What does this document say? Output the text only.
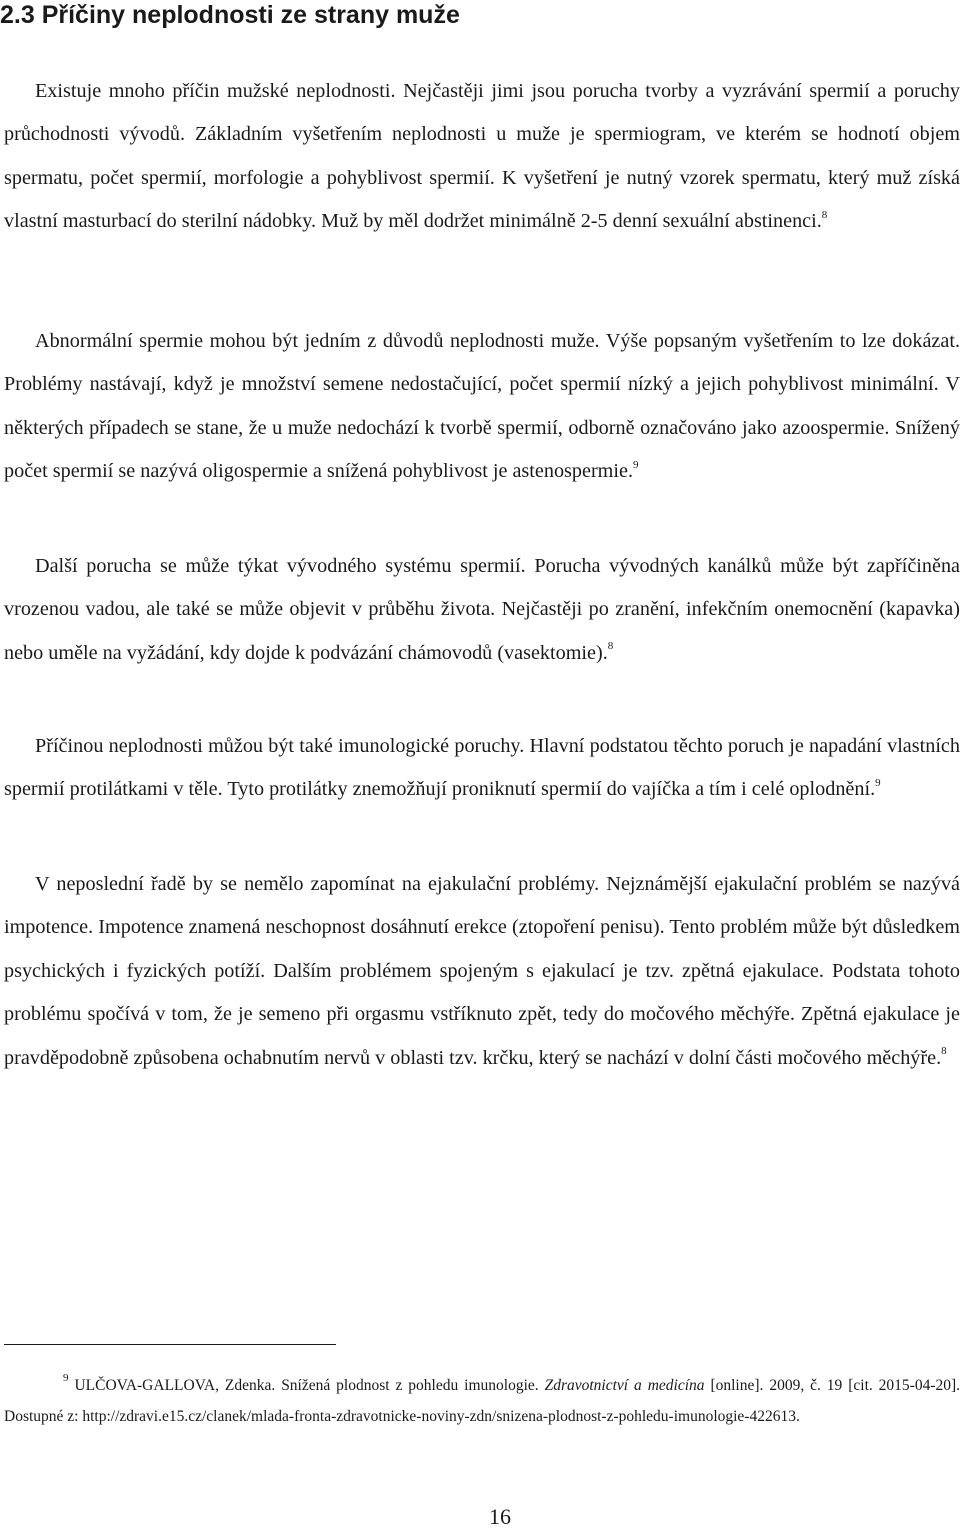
2.3 Příčiny neplodnosti ze strany muže

Existuje mnoho příčin mužské neplodnosti. Nejčastěji jimi jsou porucha tvorby a vyzrávání spermií a poruchy průchodnosti vývodů. Základním vyšetřením neplodnosti u muže je spermiogram, ve kterém se hodnotí objem spermatu, počet spermií, morfologie a pohyblivost spermií. K vyšetření je nutný vzorek spermatu, který muž získá vlastní masturbací do sterilní nádobky. Muž by měl dodržet minimálně 2-5 denní sexuální abstinenci.$^8$

Abnormální spermie mohou být jedním z důvodů neplodnosti muže. Výše popsaným vyšetřením to lze dokázat. Problémy nastávají, když je množství semene nedostačující, počet spermií nízký a jejich pohyblivost minimální. V některých případech se stane, že u muže nedochází k tvorbě spermií, odborně označováno jako azoospermie. Snížený počet spermií se nazývá oligospermie a snížená pohyblivost je astenospermie.$^9$

Další porucha se může týkat vývodného systému spermií. Porucha vývodných kanálků může být zapříčiněna vrozenou vadou, ale také se může objevit v průběhu života. Nejčastěji po zranění, infekčním onemocnění (kapavka) nebo uměle na vyžádání, kdy dojde k podvázání chámovodů (vasektomie).$^8$

Příčinou neplodnosti můžou být také imunologické poruchy. Hlavní podstatou těchto poruch je napadání vlastních spermií protilátkami v těle. Tyto protilátky znemožňují proniknutí spermií do vajíčka a tím i celé oplodnění.$^9$

V neposlední řadě by se nemělo zapomínat na ejakulační problémy. Nejznámější ejakulační problém se nazývá impotence. Impotence znamená neschopnost dosáhnutí erekce (ztopoření penisu). Tento problém může být důsledkem psychických i fyzických potíží. Dalším problémem spojeným s ejakulací je tzv. zpětná ejakulace. Podstata tohoto problému spočívá v tom, že je semeno při orgasmu vstříknuto zpět, tedy do močového měchýře. Zpětná ejakulace je pravděpodobně způsobena ochabnutím nervů v oblasti tzv. krčku, který se nachází v dolní části močového měchýře.$^8$

$^9$ ULČOVA-GALLOVA, Zdenka. Snížená plodnost z pohledu imunologie. Zdravotnictví a medicína [online]. 2009, č. 19 [cit. 2015-04-20]. Dostupné z: http://zdravi.e15.cz/clanek/mlada-fronta-zdravotnicke-noviny-zdn/snizena-plodnost-z-pohledu-imunologie-422613.

16
